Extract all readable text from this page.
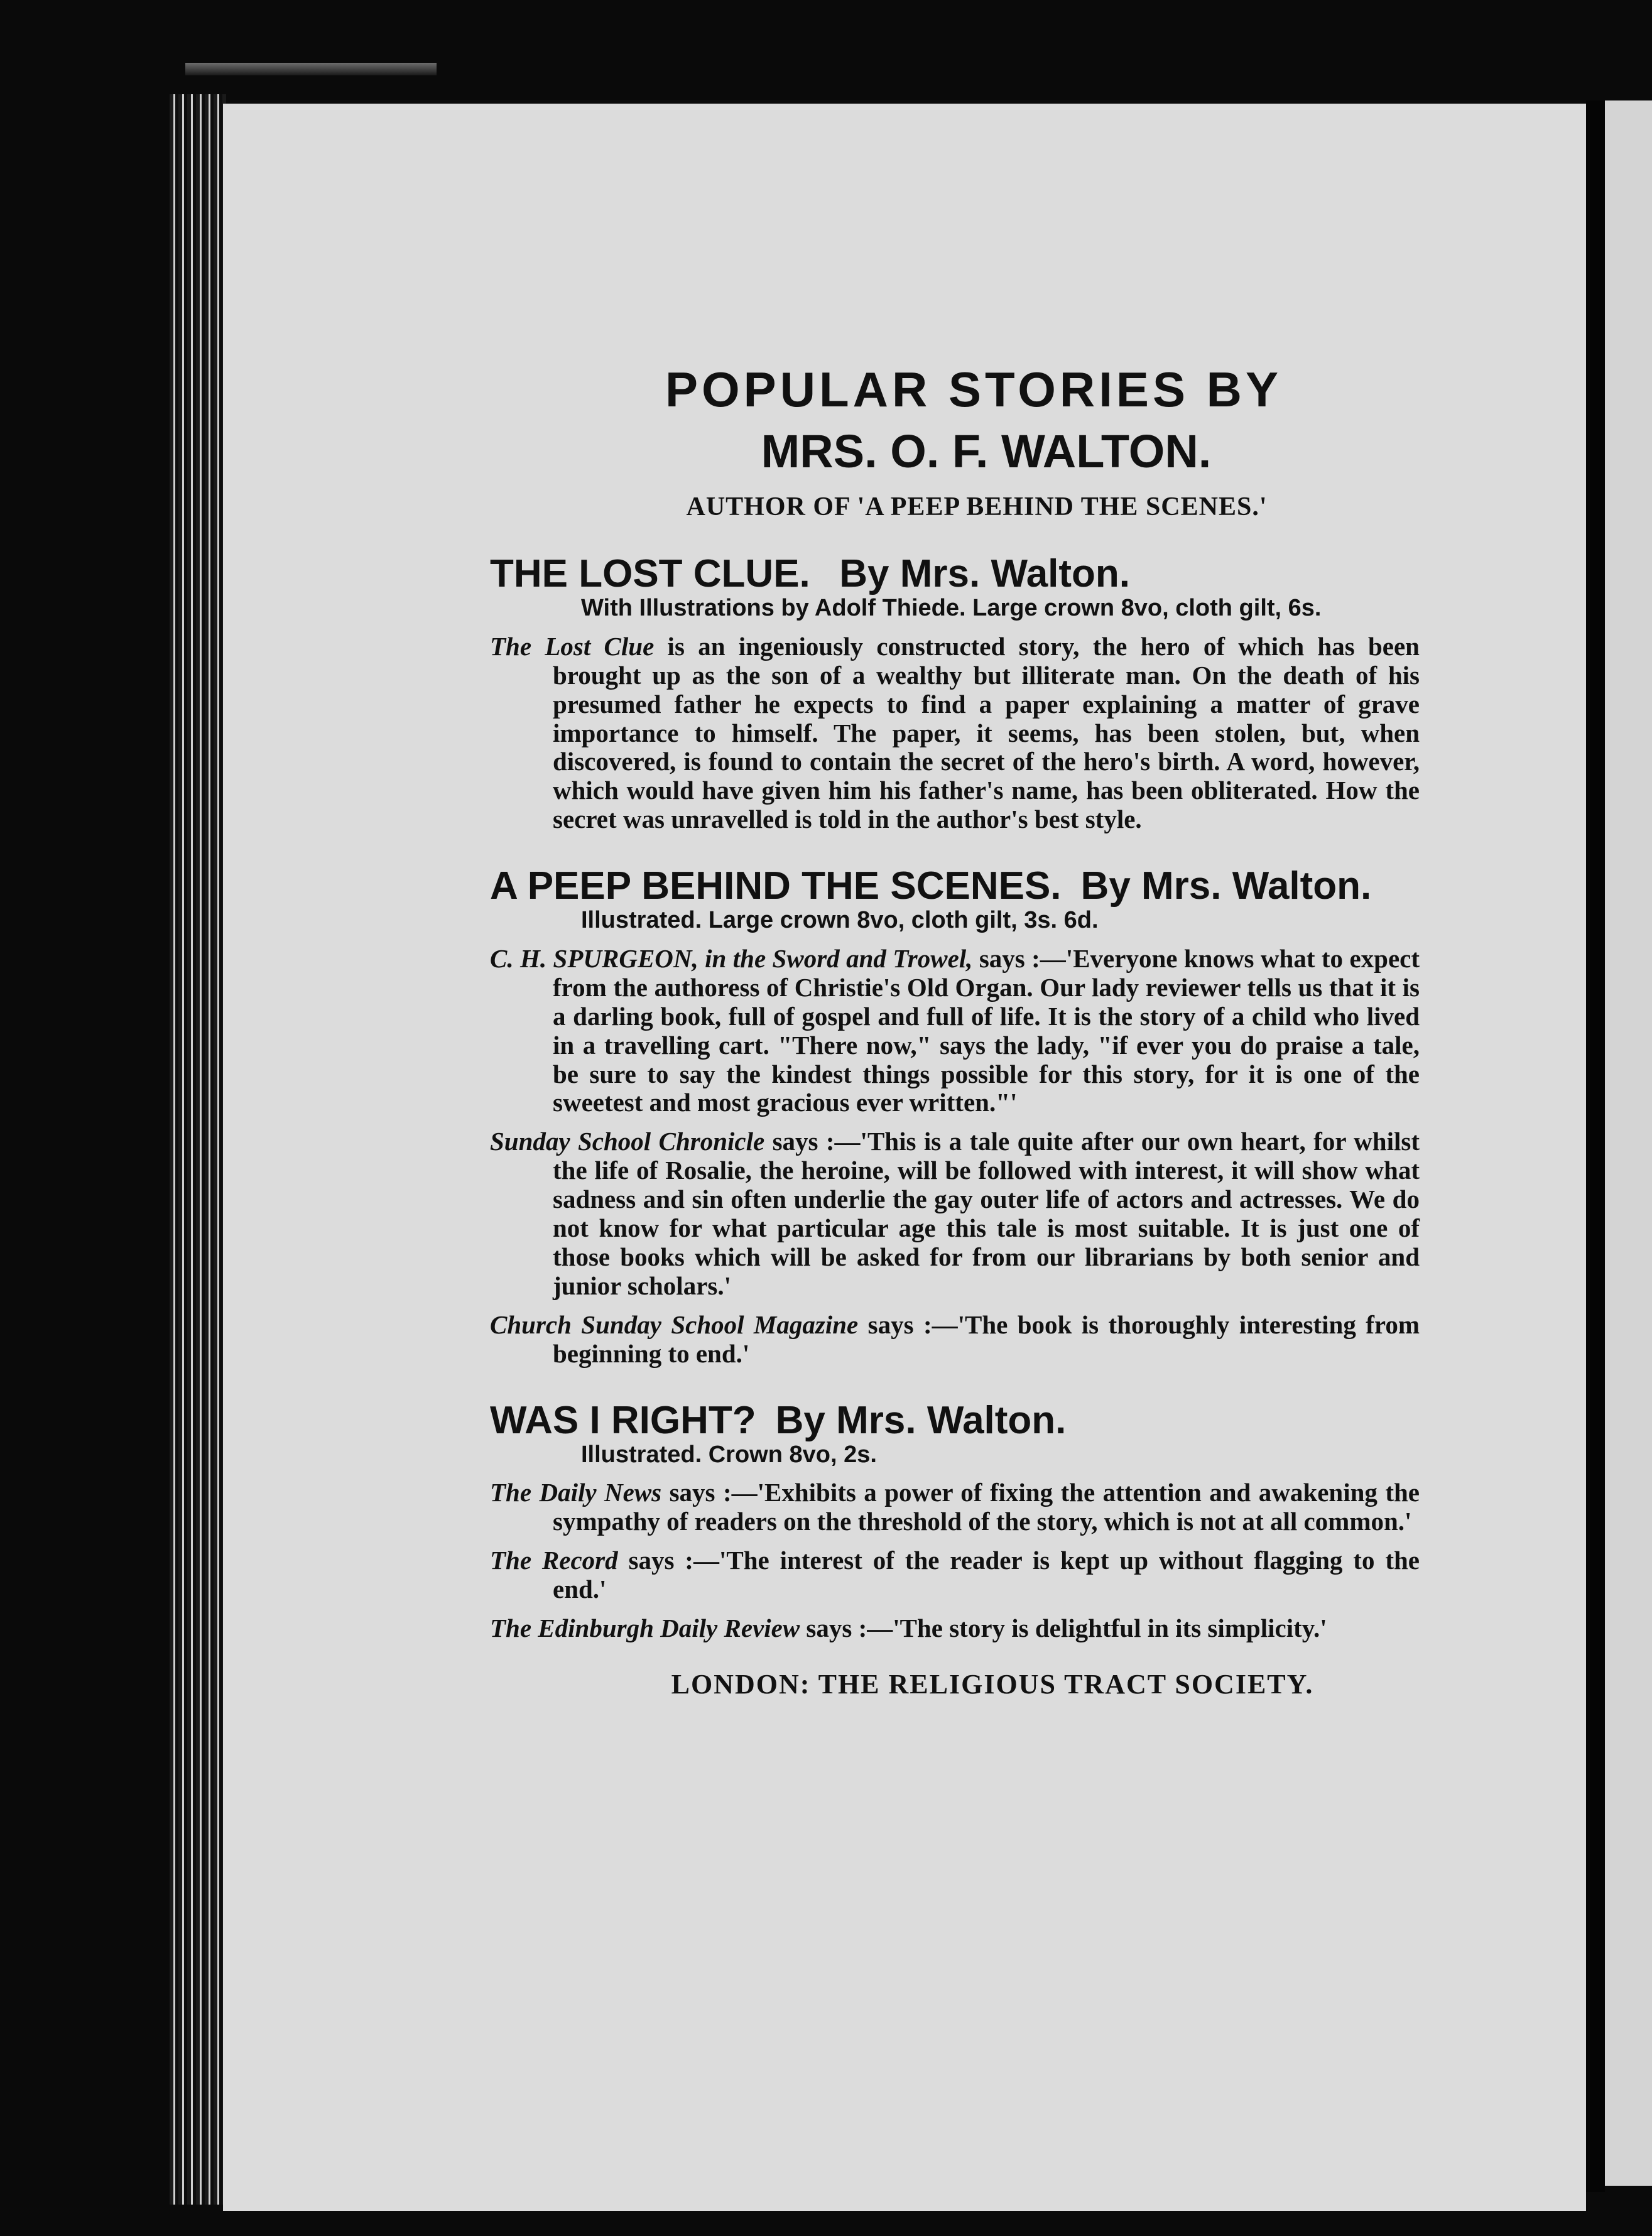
POPULAR STORIES BY
MRS. O. F. WALTON.
AUTHOR OF 'A PEEP BEHIND THE SCENES.'
THE LOST CLUE. By Mrs. Walton.
With Illustrations by Adolf Thiede. Large crown 8vo, cloth gilt, 6s.
The Lost Clue is an ingeniously constructed story, the hero of which has been brought up as the son of a wealthy but illiterate man. On the death of his presumed father he expects to find a paper explaining a matter of grave importance to himself. The paper, it seems, has been stolen, but, when discovered, is found to contain the secret of the hero's birth. A word, however, which would have given him his father's name, has been obliterated. How the secret was unravelled is told in the author's best style.
A PEEP BEHIND THE SCENES. By Mrs. Walton.
Illustrated. Large crown 8vo, cloth gilt, 3s. 6d.
C. H. SPURGEON, in the Sword and Trowel, says :—'Everyone knows what to expect from the authoress of Christie's Old Organ. Our lady reviewer tells us that it is a darling book, full of gospel and full of life. It is the story of a child who lived in a travelling cart. "There now," says the lady, "if ever you do praise a tale, be sure to say the kindest things possible for this story, for it is one of the sweetest and most gracious ever written."'
Sunday School Chronicle says :—'This is a tale quite after our own heart, for whilst the life of Rosalie, the heroine, will be followed with interest, it will show what sadness and sin often underlie the gay outer life of actors and actresses. We do not know for what particular age this tale is most suitable. It is just one of those books which will be asked for from our librarians by both senior and junior scholars.'
Church Sunday School Magazine says :—'The book is thoroughly interesting from beginning to end.'
WAS I RIGHT? By Mrs. Walton.
Illustrated. Crown 8vo, 2s.
The Daily News says :—'Exhibits a power of fixing the attention and awakening the sympathy of readers on the threshold of the story, which is not at all common.'
The Record says :—'The interest of the reader is kept up without flagging to the end.'
The Edinburgh Daily Review says :—'The story is delightful in its simplicity.'
LONDON: THE RELIGIOUS TRACT SOCIETY.
